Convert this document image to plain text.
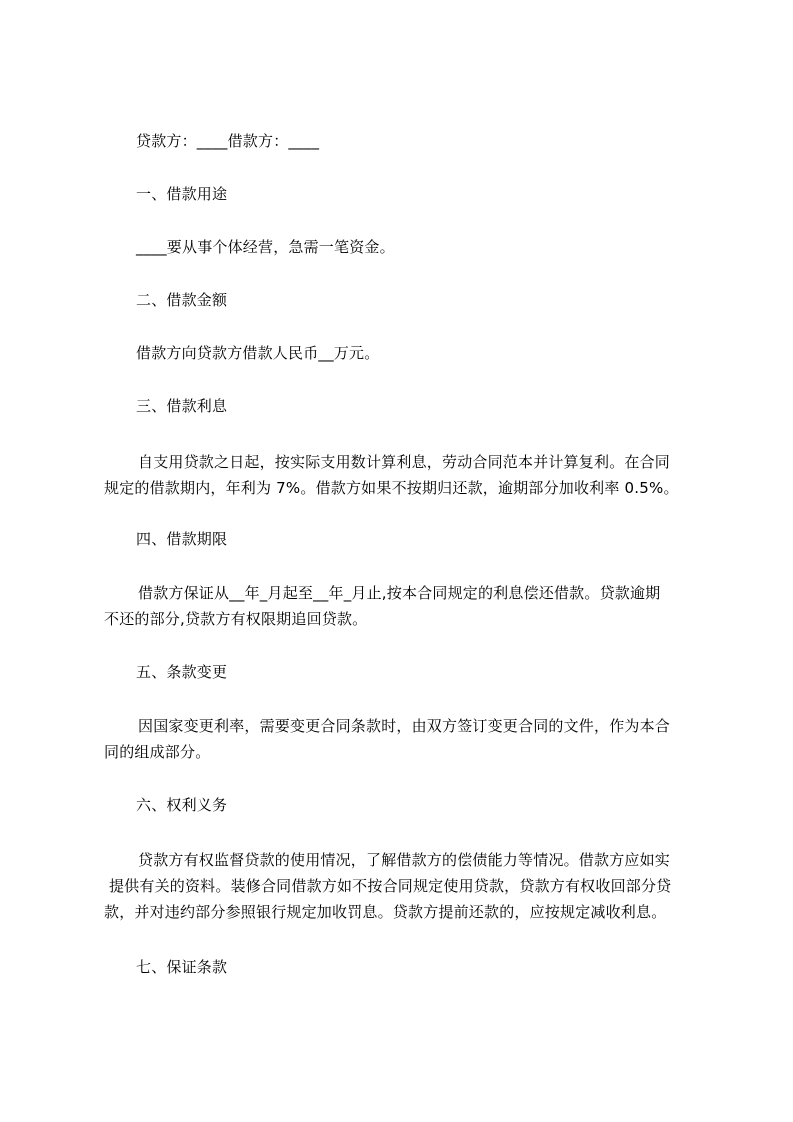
贷款方：____借款方：____
一、借款用途
____要从事个体经营，急需一笔资金。
二、借款金额
借款方向贷款方借款人民币__万元。
三、借款利息
自支用贷款之日起，按实际支用数计算利息，劳动合同范本并计算复利。在合同
规定的借款期内，年利为 7%。借款方如果不按期归还款，逾期部分加收利率 0.5%。
四、借款期限
借款方保证从__年_月起至__年_月止,按本合同规定的利息偿还借款。贷款逾期
不还的部分,贷款方有权限期追回贷款。
五、条款变更
因国家变更利率，需要变更合同条款时，由双方签订变更合同的文件，作为本合
同的组成部分。
六、权利义务
贷款方有权监督贷款的使用情况，了解借款方的偿债能力等情况。借款方应如实
提供有关的资料。装修合同借款方如不按合同规定使用贷款，贷款方有权收回部分贷
款，并对违约部分参照银行规定加收罚息。贷款方提前还款的，应按规定减收利息。
七、保证条款
